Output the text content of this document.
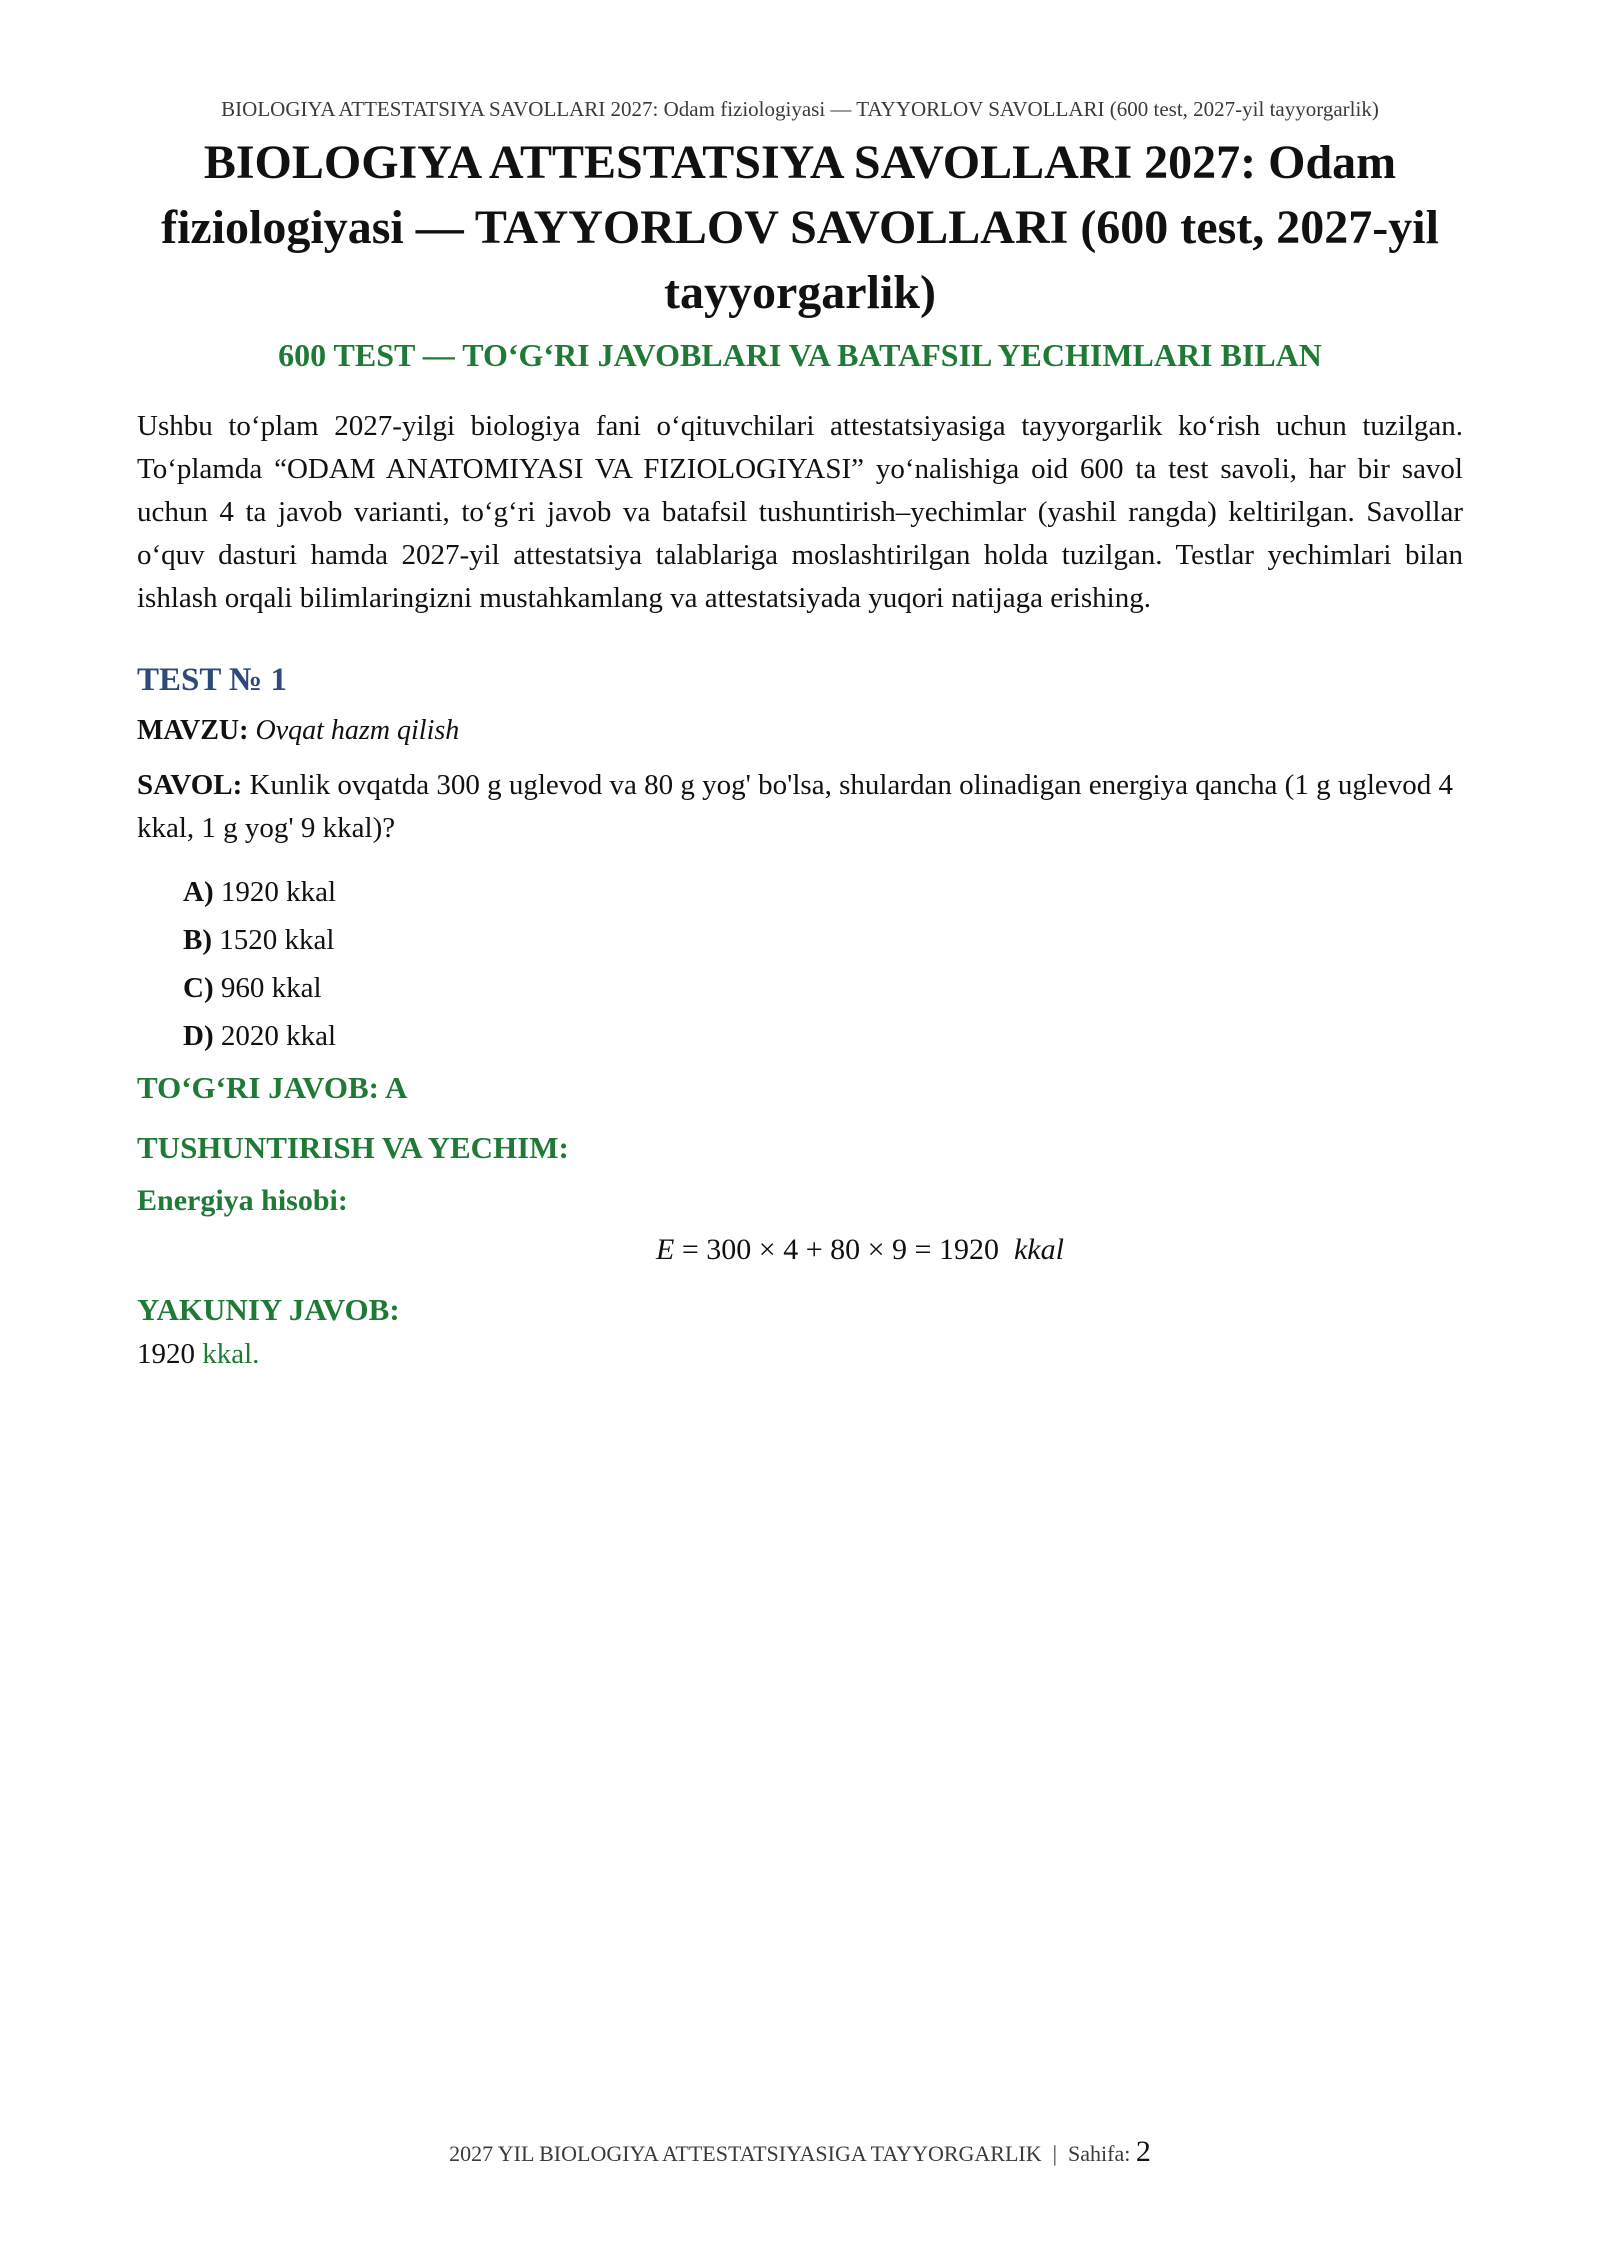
BIOLOGIYA ATTESTATSIYA SAVOLLARI 2027: Odam fiziologiyasi — TAYYORLOV SAVOLLARI (600 test, 2027-yil tayyorgarlik)
BIOLOGIYA ATTESTATSIYA SAVOLLARI 2027: Odam fiziologiyasi — TAYYORLOV SAVOLLARI (600 test, 2027-yil tayyorgarlik)
600 TEST — TO‘G‘RI JAVOBLARI VA BATAFSIL YECHIMLARI BILAN

Ushbu to‘plam 2027-yilgi biologiya fani o‘qituvchilari attestatsiyasiga tayyorgarlik ko‘rish uchun tuzilgan. To‘plamda “ODAM ANATOMIYASI VA FIZIOLOGIYASI” yo‘nalishiga oid 600 ta test savoli, har bir savol uchun 4 ta javob varianti, to‘g‘ri javob va batafsil tushuntirish–yechimlar (yashil rangda) keltirilgan. Savollar o‘quv dasturi hamda 2027-yil attestatsiya talablariga moslashtirilgan holda tuzilgan. Testlar yechimlari bilan ishlash orqali bilimlaringizni mustahkamlang va attestatsiyada yuqori natijaga erishing.

TEST № 1
MAVZU: Ovqat hazm qilish
SAVOL: Kunlik ovqatda 300 g uglevod va 80 g yog' bo'lsa, shulardan olinadigan energiya qancha (1 g uglevod 4 kkal, 1 g yog' 9 kkal)?
A) 1920 kkal
B) 1520 kkal
C) 960 kkal
D) 2020 kkal
TO‘G‘RI JAVOB: A
TUSHUNTIRISH VA YECHIM:
Energiya hisobi:
E = 300 × 4 + 80 × 9 = 1920 kkal
YAKUNIY JAVOB:

1920 kkal.

2027 YIL BIOLOGIYA ATTESTATSIYASIGA TAYYORGARLIK | Sahifa: 2
